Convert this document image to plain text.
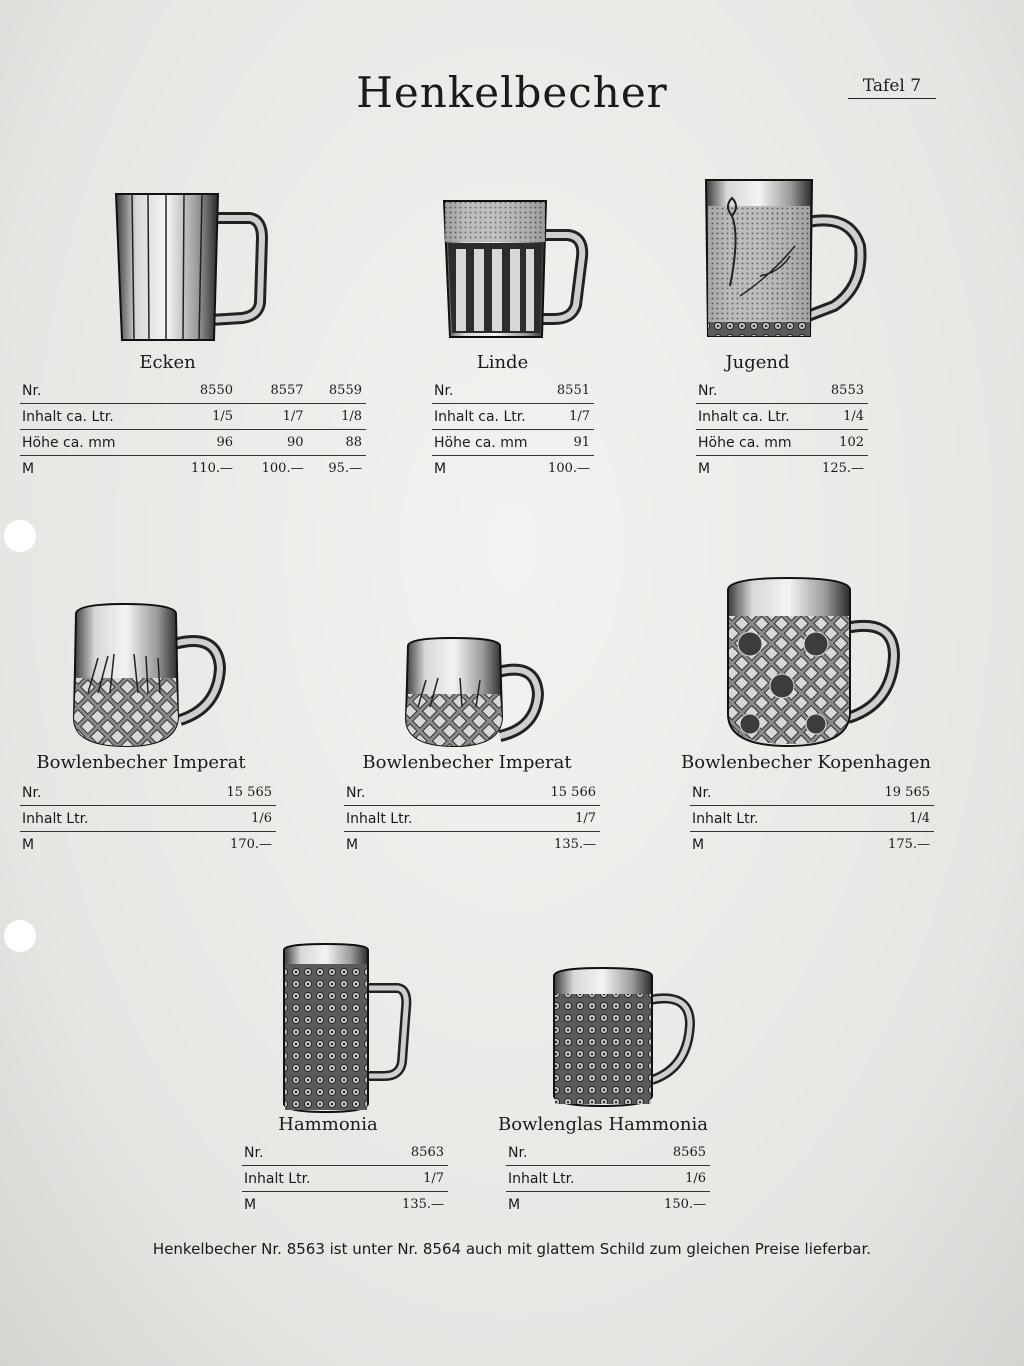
Henkelbecher	Tafel 7
Ecken
Nr.	8550	8557	8559
Inhalt ca. Ltr.	1/5	1/7	1/8
Höhe ca. mm	96	90	88
M	110.—	100.—	95.—
Linde
Nr.	8551
Inhalt ca. Ltr.	1/7
Höhe ca. mm	91
M	100.—
Jugend
Nr.	8553
Inhalt ca. Ltr.	1/4
Höhe ca. mm	102
M	125.—
Bowlenbecher Imperat
Nr.	15 565
Inhalt Ltr.	1/6
M	170.—
Bowlenbecher Imperat
Nr.	15 566
Inhalt Ltr.	1/7
M	135.—
Bowlenbecher Kopenhagen
Nr.	19 565
Inhalt Ltr.	1/4
M	175.—
Hammonia
Nr.	8563
Inhalt Ltr.	1/7
M	135.—
Bowlenglas Hammonia
Nr.	8565
Inhalt Ltr.	1/6
M	150.—
Henkelbecher Nr. 8563 ist unter Nr. 8564 auch mit glattem Schild zum gleichen Preise lieferbar.
